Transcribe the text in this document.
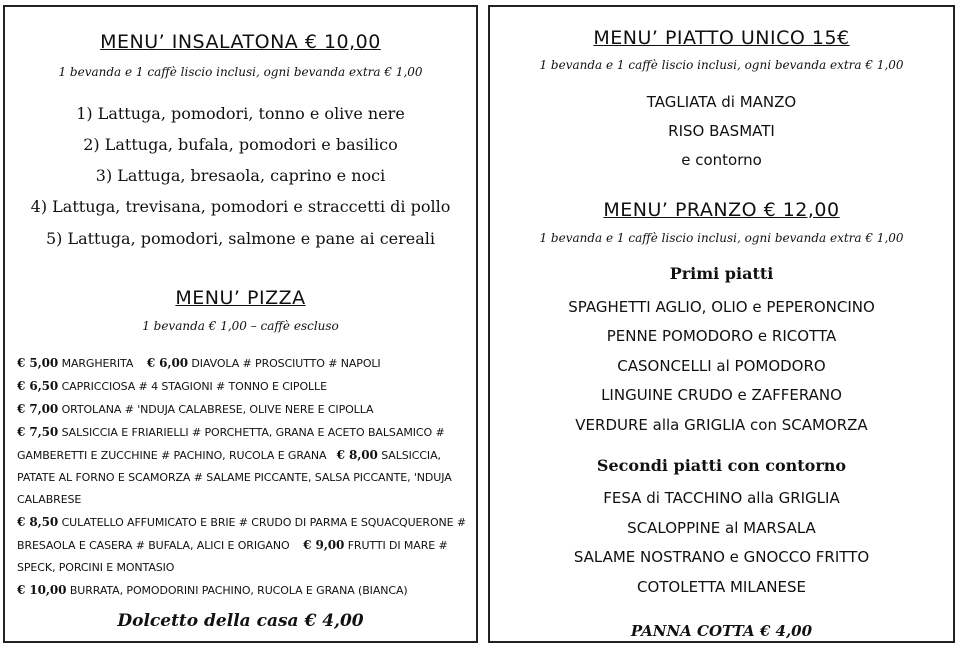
MENU’ INSALATONA € 10,00

1 bevanda e 1 caffè liscio inclusi, ogni bevanda extra € 1,00

1) Lattuga, pomodori, tonno e olive nere

2) Lattuga, bufala, pomodori e basilico

3) Lattuga, bresaola, caprino e noci

4) Lattuga, trevisana, pomodori e straccetti di pollo

5) Lattuga, pomodori, salmone e pane ai cereali

MENU’ PIZZA

1 bevanda € 1,00 – caffè escluso

€ 5,00 MARGHERITA € 6,00 DIAVOLA # PROSCIUTTO # NAPOLI
€ 6,50 CAPRICCIOSA # 4 STAGIONI # TONNO E CIPOLLE
€ 7,00 ORTOLANA # 'NDUJA CALABRESE, OLIVE NERE E CIPOLLA
€ 7,50 SALSICCIA E FRIARIELLI # PORCHETTA, GRANA E ACETO BALSAMICO # GAMBERETTI E ZUCCHINE # PACHINO, RUCOLA E GRANA € 8,00 SALSICCIA, PATATE AL FORNO E SCAMORZA # SALAME PICCANTE, SALSA PICCANTE, 'NDUJA CALABRESE
€ 8,50 CULATELLO AFFUMICATO E BRIE # CRUDO DI PARMA E SQUACQUERONE # BRESAOLA E CASERA # BUFALA, ALICI E ORIGANO € 9,00 FRUTTI DI MARE # SPECK, PORCINI E MONTASIO
€ 10,00 BURRATA, POMODORINI PACHINO, RUCOLA E GRANA (BIANCA)

Dolcetto della casa € 4,00

MENU’ PIATTO UNICO 15€

1 bevanda e 1 caffè liscio inclusi, ogni bevanda extra € 1,00

TAGLIATA di MANZO

RISO BASMATI

e contorno

MENU’ PRANZO € 12,00

1 bevanda e 1 caffè liscio inclusi, ogni bevanda extra € 1,00

Primi piatti

SPAGHETTI AGLIO, OLIO e PEPERONCINO

PENNE POMODORO e RICOTTA

CASONCELLI al POMODORO

LINGUINE CRUDO e ZAFFERANO

VERDURE alla GRIGLIA con SCAMORZA

Secondi piatti con contorno

FESA di TACCHINO alla GRIGLIA

SCALOPPINE al MARSALA

SALAME NOSTRANO e GNOCCO FRITTO

COTOLETTA MILANESE

PANNA COTTA € 4,00
